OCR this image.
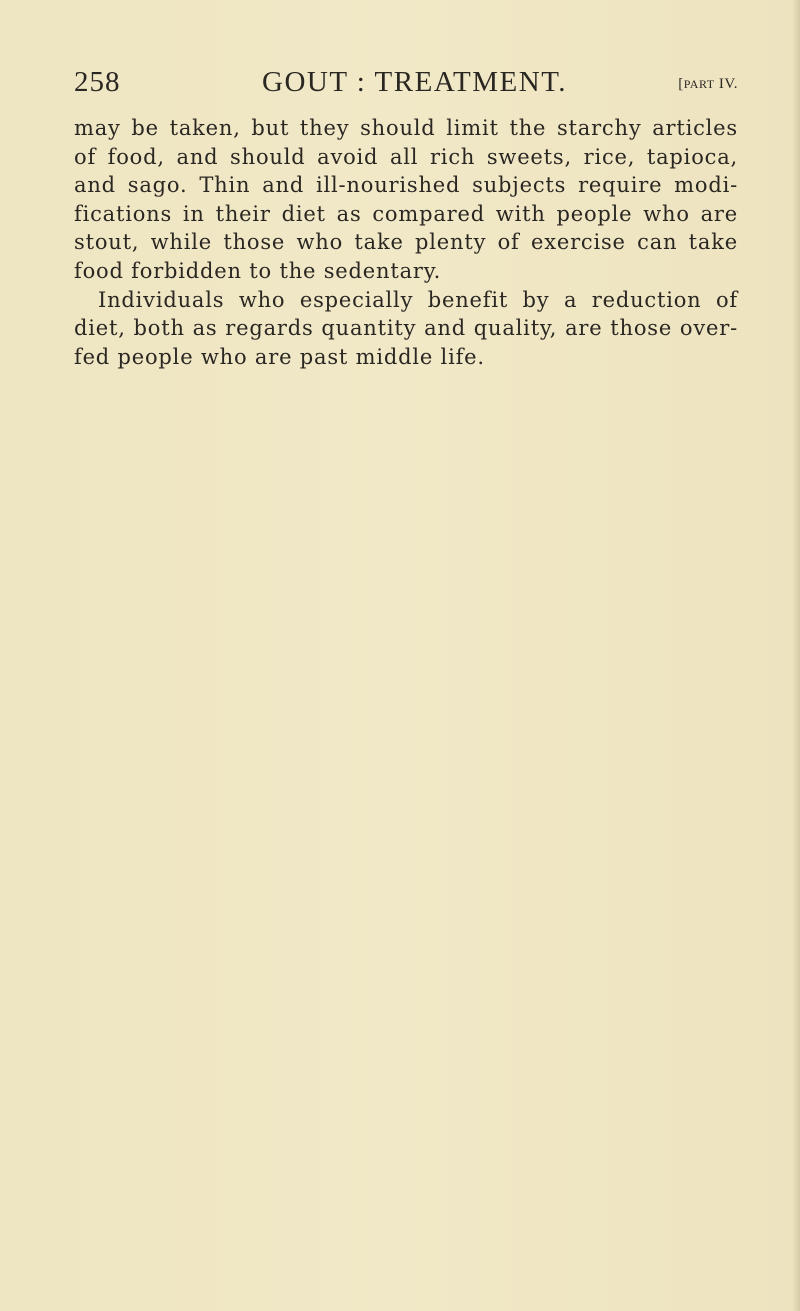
258	GOUT : TREATMENT.	[PART IV.
may be taken, but they should limit the starchy articles
of food, and should avoid all rich sweets, rice, tapioca,
and sago. Thin and ill-nourished subjects require modi-
fications in their diet as compared with people who are
stout, while those who take plenty of exercise can take
food forbidden to the sedentary.
Individuals who especially benefit by a reduction of
diet, both as regards quantity and quality, are those over-
fed people who are past middle life.
